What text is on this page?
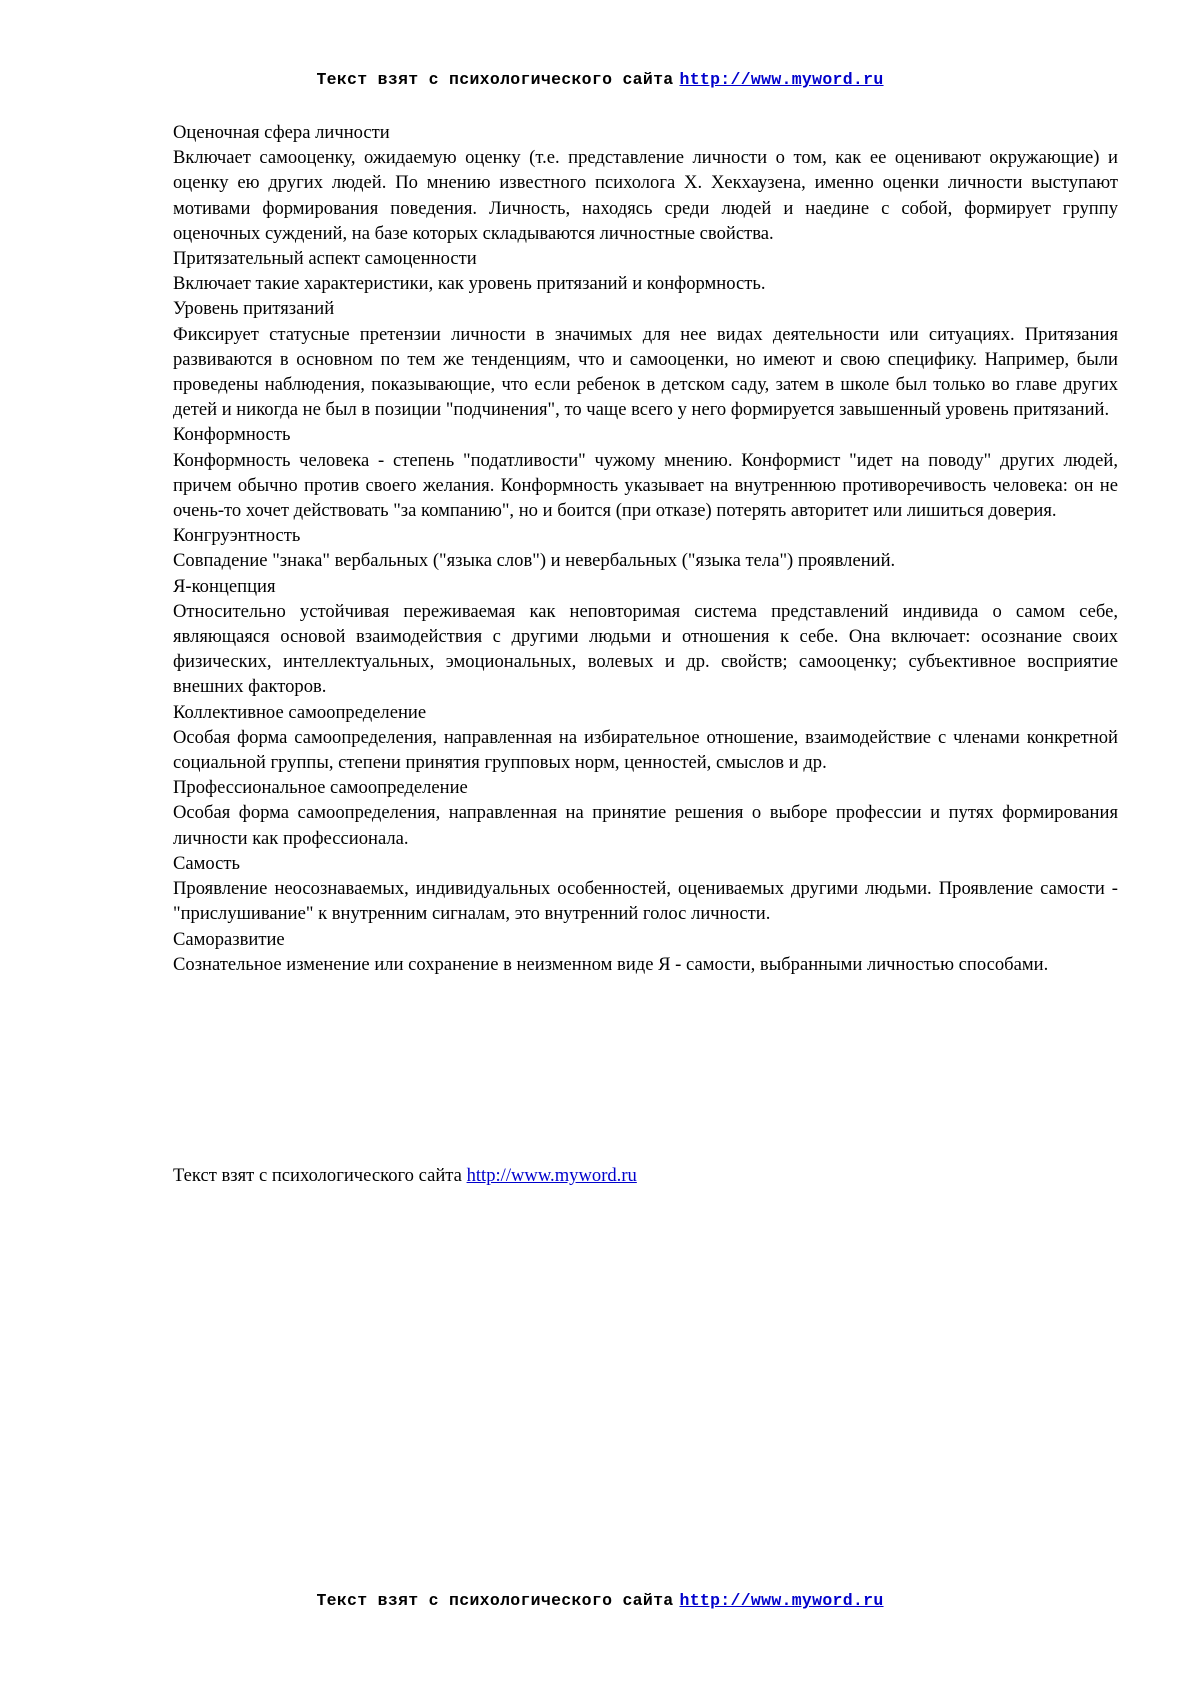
Текст взят с психологического сайта http://www.myword.ru

Оценочная сфера личности

Включает самооценку, ожидаемую оценку (т.е. представление личности о том, как ее оценивают окружающие) и оценку ею других людей. По мнению известного психолога Х. Хекхаузена, именно оценки личности выступают мотивами формирования поведения. Личность, находясь среди людей и наедине с собой, формирует группу оценочных суждений, на базе которых складываются личностные свойства.

Притязательный аспект самоценности

Включает такие характеристики, как уровень притязаний и конформность.

Уровень притязаний

Фиксирует статусные претензии личности в значимых для нее видах деятельности или ситуациях. Притязания развиваются в основном по тем же тенденциям, что и самооценки, но имеют и свою специфику. Например, были проведены наблюдения, показывающие, что если ребенок в детском саду, затем в школе был только во главе других детей и никогда не был в позиции "подчинения", то чаще всего у него формируется завышенный уровень притязаний.

Конформность

Конформность человека - степень "податливости" чужому мнению. Конформист "идет на поводу" других людей, причем обычно против своего желания. Конформность указывает на внутреннюю противоречивость человека: он не очень-то хочет действовать "за компанию", но и боится (при отказе) потерять авторитет или лишиться доверия.

Конгруэнтность

Совпадение "знака" вербальных ("языка слов") и невербальных ("языка тела") проявлений.

Я-концепция

Относительно устойчивая переживаемая как неповторимая система представлений индивида о самом себе, являющаяся основой взаимодействия с другими людьми и отношения к себе. Она включает: осознание своих физических, интеллектуальных, эмоциональных, волевых и др. свойств; самооценку; субъективное восприятие внешних факторов.

Коллективное самоопределение

Особая форма самоопределения, направленная на избирательное отношение, взаимодействие с членами конкретной социальной группы, степени принятия групповых норм, ценностей, смыслов и др.

Профессиональное самоопределение

Особая форма самоопределения, направленная на принятие решения о выборе профессии и путях формирования личности как профессионала.

Самость

Проявление неосознаваемых, индивидуальных особенностей, оцениваемых другими людьми. Проявление самости - "прислушивание" к внутренним сигналам, это внутренний голос личности.

Саморазвитие

Сознательное изменение или сохранение в неизменном виде Я - самости, выбранными личностью способами.

Текст взят с психологического сайта http://www.myword.ru
Текст взят с психологического сайта http://www.myword.ru
